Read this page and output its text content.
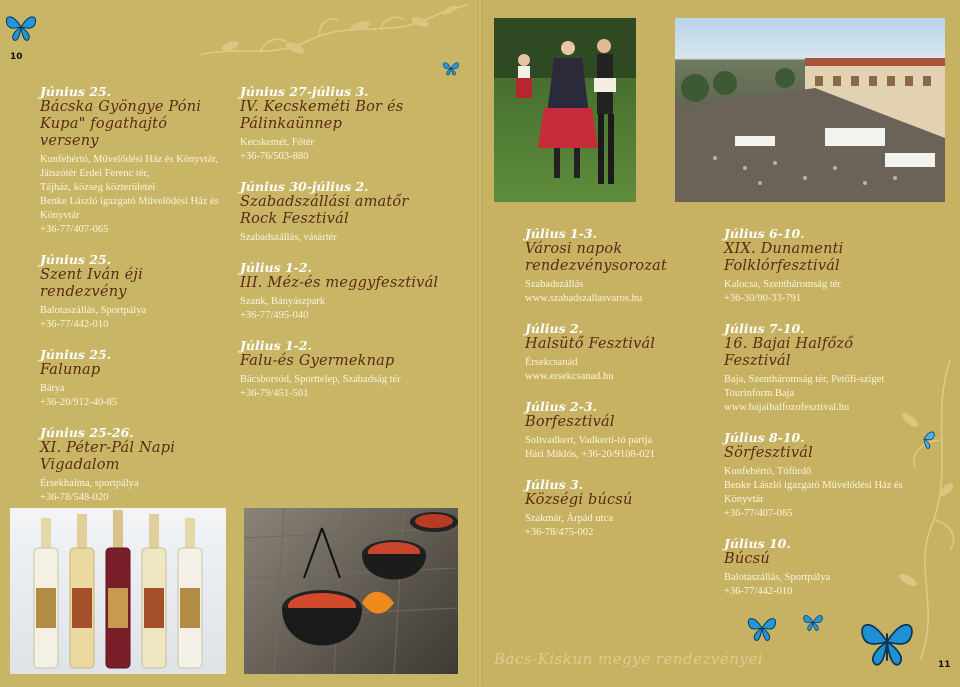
10
11
Június 25.
Bácska Gyöngye Póni Kupa" fogathajtó verseny
Kunfehértó, Művelődési Ház és Könyvtár,
Játszótér Erdei Ferenc tér,
Tájház, község közterületei
Benke László igazgató Művelődési Ház és
Könyvtár
+36-77/407-065
Június 25.
Szent Iván éji rendezvény
Balotaszállás, Sportpálya
+36-77/442-010
Június 25.
Falunap
Bátya
+36-20/912-40-85
Június 25-26.
XI. Péter-Pál Napi Vigadalom
Érsekhalma, sportpálya
+36-78/548-020
Június 27-július 3.
IV. Kecskeméti Bor és Pálinkaünnep
Kecskemét, Főtér
+36-76/503-880
Június 30-július 2.
Szabadszállási amatőr Rock Fesztivál
Szabadszállás, vásártér
Július 1-2.
III. Méz-és meggyfesztivál
Szank, Bányászpark
+36-77/495-040
Július 1-2.
Falu-és Gyermeknap
Bácsborsód, Sporttelep, Szabadság tér
+36-79/451-501
Július 1-3.
Városi napok rendezvénysorozat
Szabadszállás
www.szabadszallasvaros.hu
Július 2.
Halsütő Fesztivál
Érsekcsanád
www.ersekcsanad.hu
Július 2-3.
Borfesztivál
Soltvadkert, Vadkerti-tó partja
Hári Miklós, +36-20/9108-021
Július 3.
Községi búcsú
Szakmár, Árpád utca
+36-78/475-002
Július 6-10.
XIX. Dunamenti Folklórfesztivál
Kalocsa, Szentháromság tér
+36-30/90-33-791
Július 7-10.
16. Bajai Halfőző Fesztivál
Baja, Szentháromság tér, Petőfi-sziget
Tourinform Baja
www.bajaihalfozofesztival.hu
Július 8-10.
Sörfesztivál
Kunfehértó, Tófürdő
Benke László igazgató Művelődési Ház és
Könyvtár
+36-77/407-065
Július 10.
Búcsú
Balotaszállás, Sportpálya
+36-77/442-010
Bács-Kiskun megye rendezvényei
